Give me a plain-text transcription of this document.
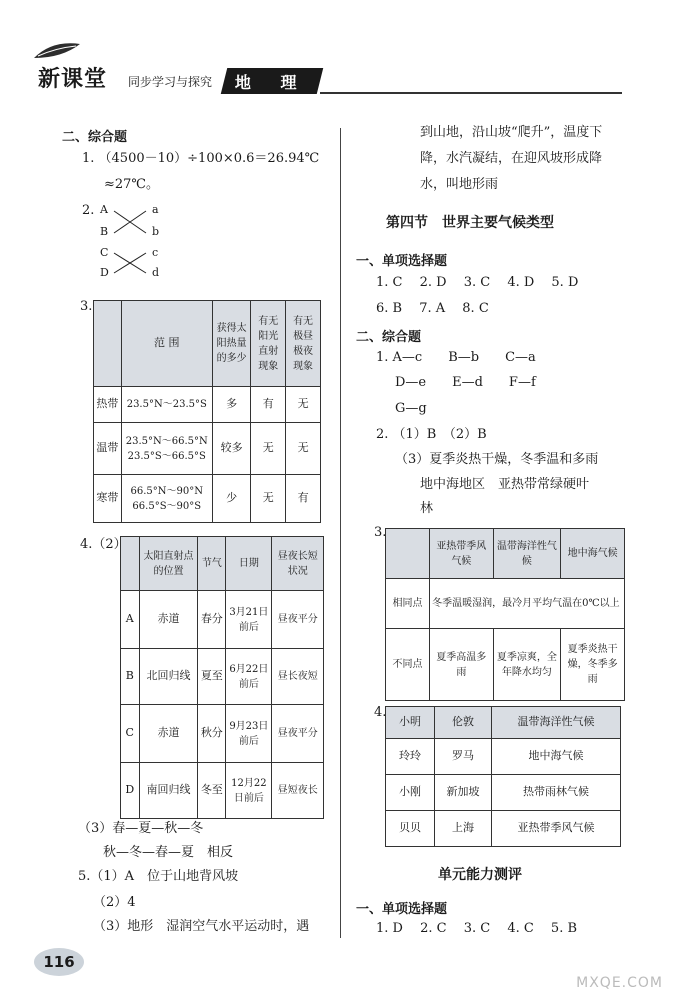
新课堂 同步学习与探究 地 理
二、综合题
1. （4500－10）÷100×0.6＝26.94℃
≈27℃。
2. A
B
C
D
a
b
c
d
3.
	范 围	获得太阳热量的多少	有无阳光直射现象	有无极昼极夜现象
热带	23.5°N～23.5°S	多	有	无
温带	23.5°N～66.5°N 23.5°S～66.5°S	较多	无	无
寒带	66.5°N～90°N 66.5°S～90°S	少	无	有
4.（2）
	太阳直射点的位置	节气	日期	昼夜长短状况
A	赤道	春分	3月21日前后	昼夜平分
B	北回归线	夏至	6月22日前后	昼长夜短
C	赤道	秋分	9月23日前后	昼夜平分
D	南回归线	冬至	12月22日前后	昼短夜长
（3）春—夏—秋—冬
秋—冬—春—夏　相反
5.（1）A　位于山地背风坡
（2）4
（3）地形　湿润空气水平运动时，遇
到山地，沿山坡“爬升”，温度下
降，水汽凝结，在迎风坡形成降
水，叫地形雨
第四节　世界主要气候类型
一、单项选择题
1. C　 2. D　 3. C　 4. D　 5. D
6. B　 7. A　 8. C
二、综合题
1. A—c　　B—b　　C—a
D—e　　E—d　　F—f
G—g
2. （1）B　（2）B
（3）夏季炎热干燥，冬季温和多雨
地中海地区　亚热带常绿硬叶
林
3.
	亚热带季风气候	温带海洋性气候	地中海气候
相同点	冬季温暖湿润，最冷月平均气温在0℃以上		
不同点	夏季高温多雨	夏季凉爽，全年降水均匀	夏季炎热干燥，冬季多雨
4.
小明	伦敦	温带海洋性气候
玲玲	罗马	地中海气候
小刚	新加坡	热带雨林气候
贝贝	上海	亚热带季风气候
单元能力测评
一、单项选择题
1. D　 2. C　 3. C　 4. C　 5. B
116
MXQE.COM
